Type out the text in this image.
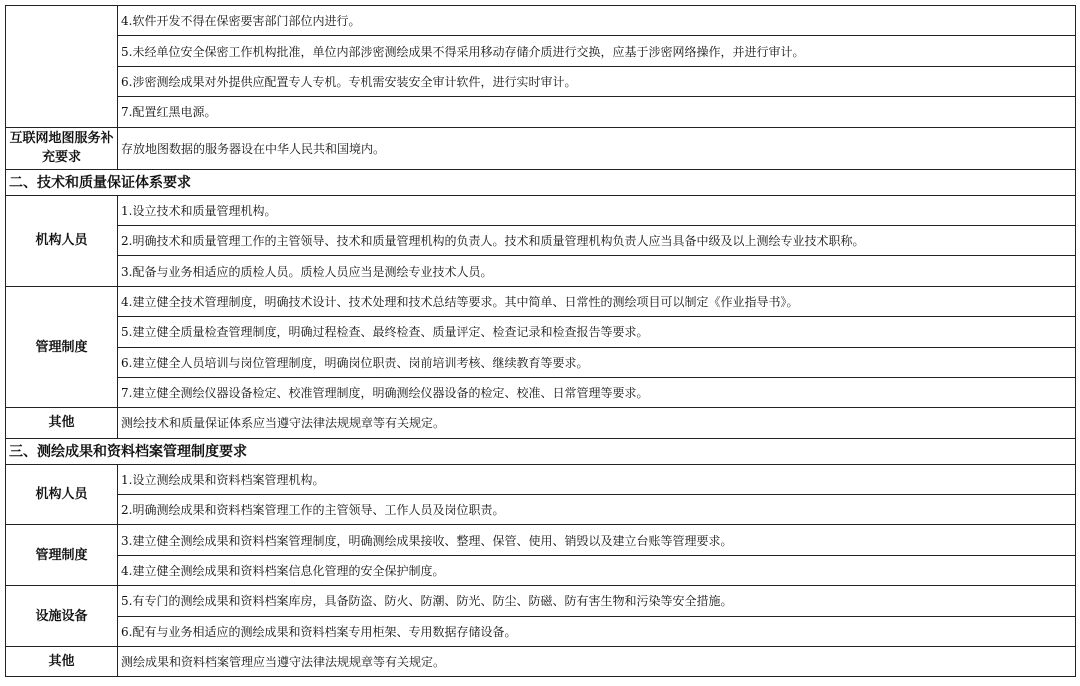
	4.软件开发不得在保密要害部门部位内进行。
	5.未经单位安全保密工作机构批准，单位内部涉密测绘成果不得采用移动存储介质进行交换，应基于涉密网络操作，并进行审计。
	6.涉密测绘成果对外提供应配置专人专机。专机需安装安全审计软件，进行实时审计。
	7.配置红黑电源。
互联网地图服务补充要求	存放地图数据的服务器设在中华人民共和国境内。
二、技术和质量保证体系要求	
机构人员	1.设立技术和质量管理机构。
	2.明确技术和质量管理工作的主管领导、技术和质量管理机构的负责人。技术和质量管理机构负责人应当具备中级及以上测绘专业技术职称。
	3.配备与业务相适应的质检人员。质检人员应当是测绘专业技术人员。
管理制度	4.建立健全技术管理制度，明确技术设计、技术处理和技术总结等要求。其中简单、日常性的测绘项目可以制定《作业指导书》。
	5.建立健全质量检查管理制度，明确过程检查、最终检查、质量评定、检查记录和检查报告等要求。
	6.建立健全人员培训与岗位管理制度，明确岗位职责、岗前培训考核、继续教育等要求。
	7.建立健全测绘仪器设备检定、校准管理制度，明确测绘仪器设备的检定、校准、日常管理等要求。
其他	测绘技术和质量保证体系应当遵守法律法规规章等有关规定。
三、测绘成果和资料档案管理制度要求	
机构人员	1.设立测绘成果和资料档案管理机构。
	2.明确测绘成果和资料档案管理工作的主管领导、工作人员及岗位职责。
管理制度	3.建立健全测绘成果和资料档案管理制度，明确测绘成果接收、整理、保管、使用、销毁以及建立台账等管理要求。
	4.建立健全测绘成果和资料档案信息化管理的安全保护制度。
设施设备	5.有专门的测绘成果和资料档案库房，具备防盗、防火、防潮、防光、防尘、防磁、防有害生物和污染等安全措施。
	6.配有与业务相适应的测绘成果和资料档案专用柜架、专用数据存储设备。
其他	测绘成果和资料档案管理应当遵守法律法规规章等有关规定。
